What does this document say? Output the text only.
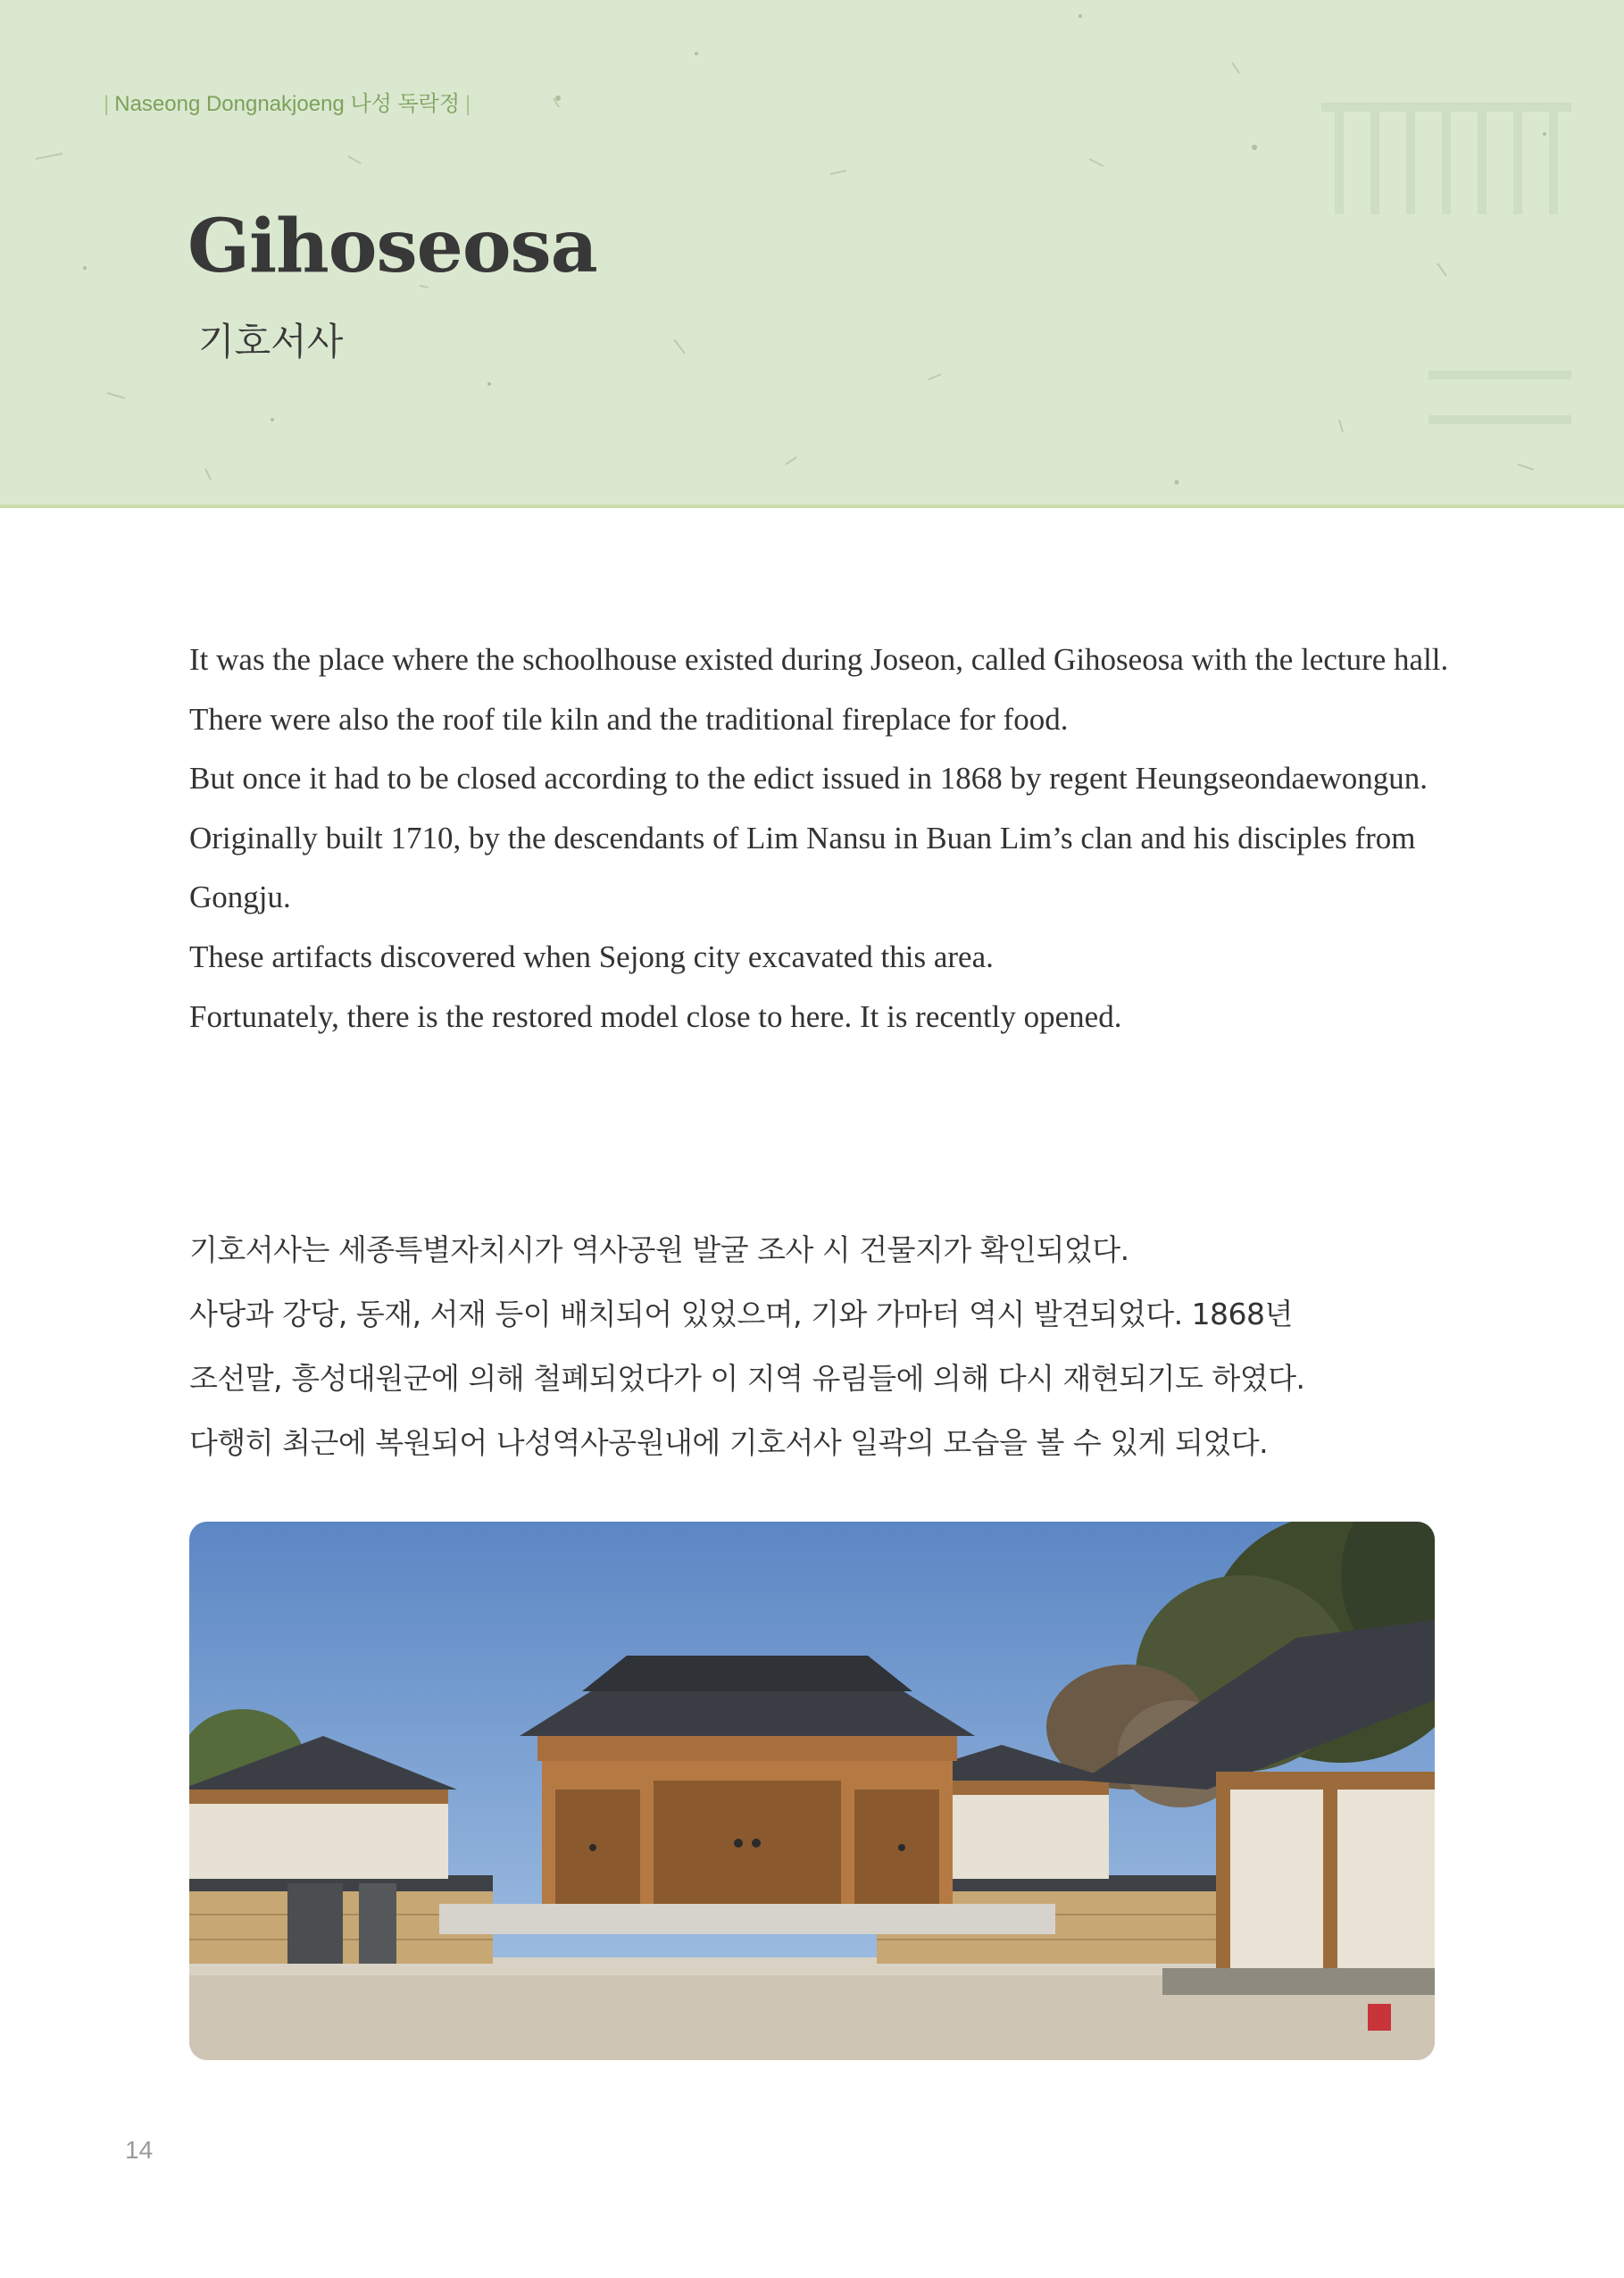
| Naseong Dongnakjoeng 나성 독락정 |
Gihoseosa
기호서사

It was the place where the schoolhouse existed during Joseon, called Gihoseosa with the lecture hall.

There were also the roof tile kiln and the traditional fireplace for food.

But once it had to be closed according to the edict issued in 1868 by regent Heungseondaewongun.

Originally built 1710, by the descendants of Lim Nansu in Buan Lim’s clan and his disciples from Gongju.

These artifacts discovered when Sejong city excavated this area.

Fortunately, there is the restored model close to here. It is recently opened.

기호서사는 세종특별자치시가 역사공원 발굴 조사 시 건물지가 확인되었다.

사당과 강당, 동재, 서재 등이 배치되어 있었으며, 기와 가마터 역시 발견되었다. 1868년

조선말, 흥성대원군에 의해 철폐되었다가 이 지역 유림들에 의해 다시 재현되기도 하였다.

다행히 최근에 복원되어 나성역사공원내에 기호서사 일곽의 모습을 볼 수 있게 되었다.

14
